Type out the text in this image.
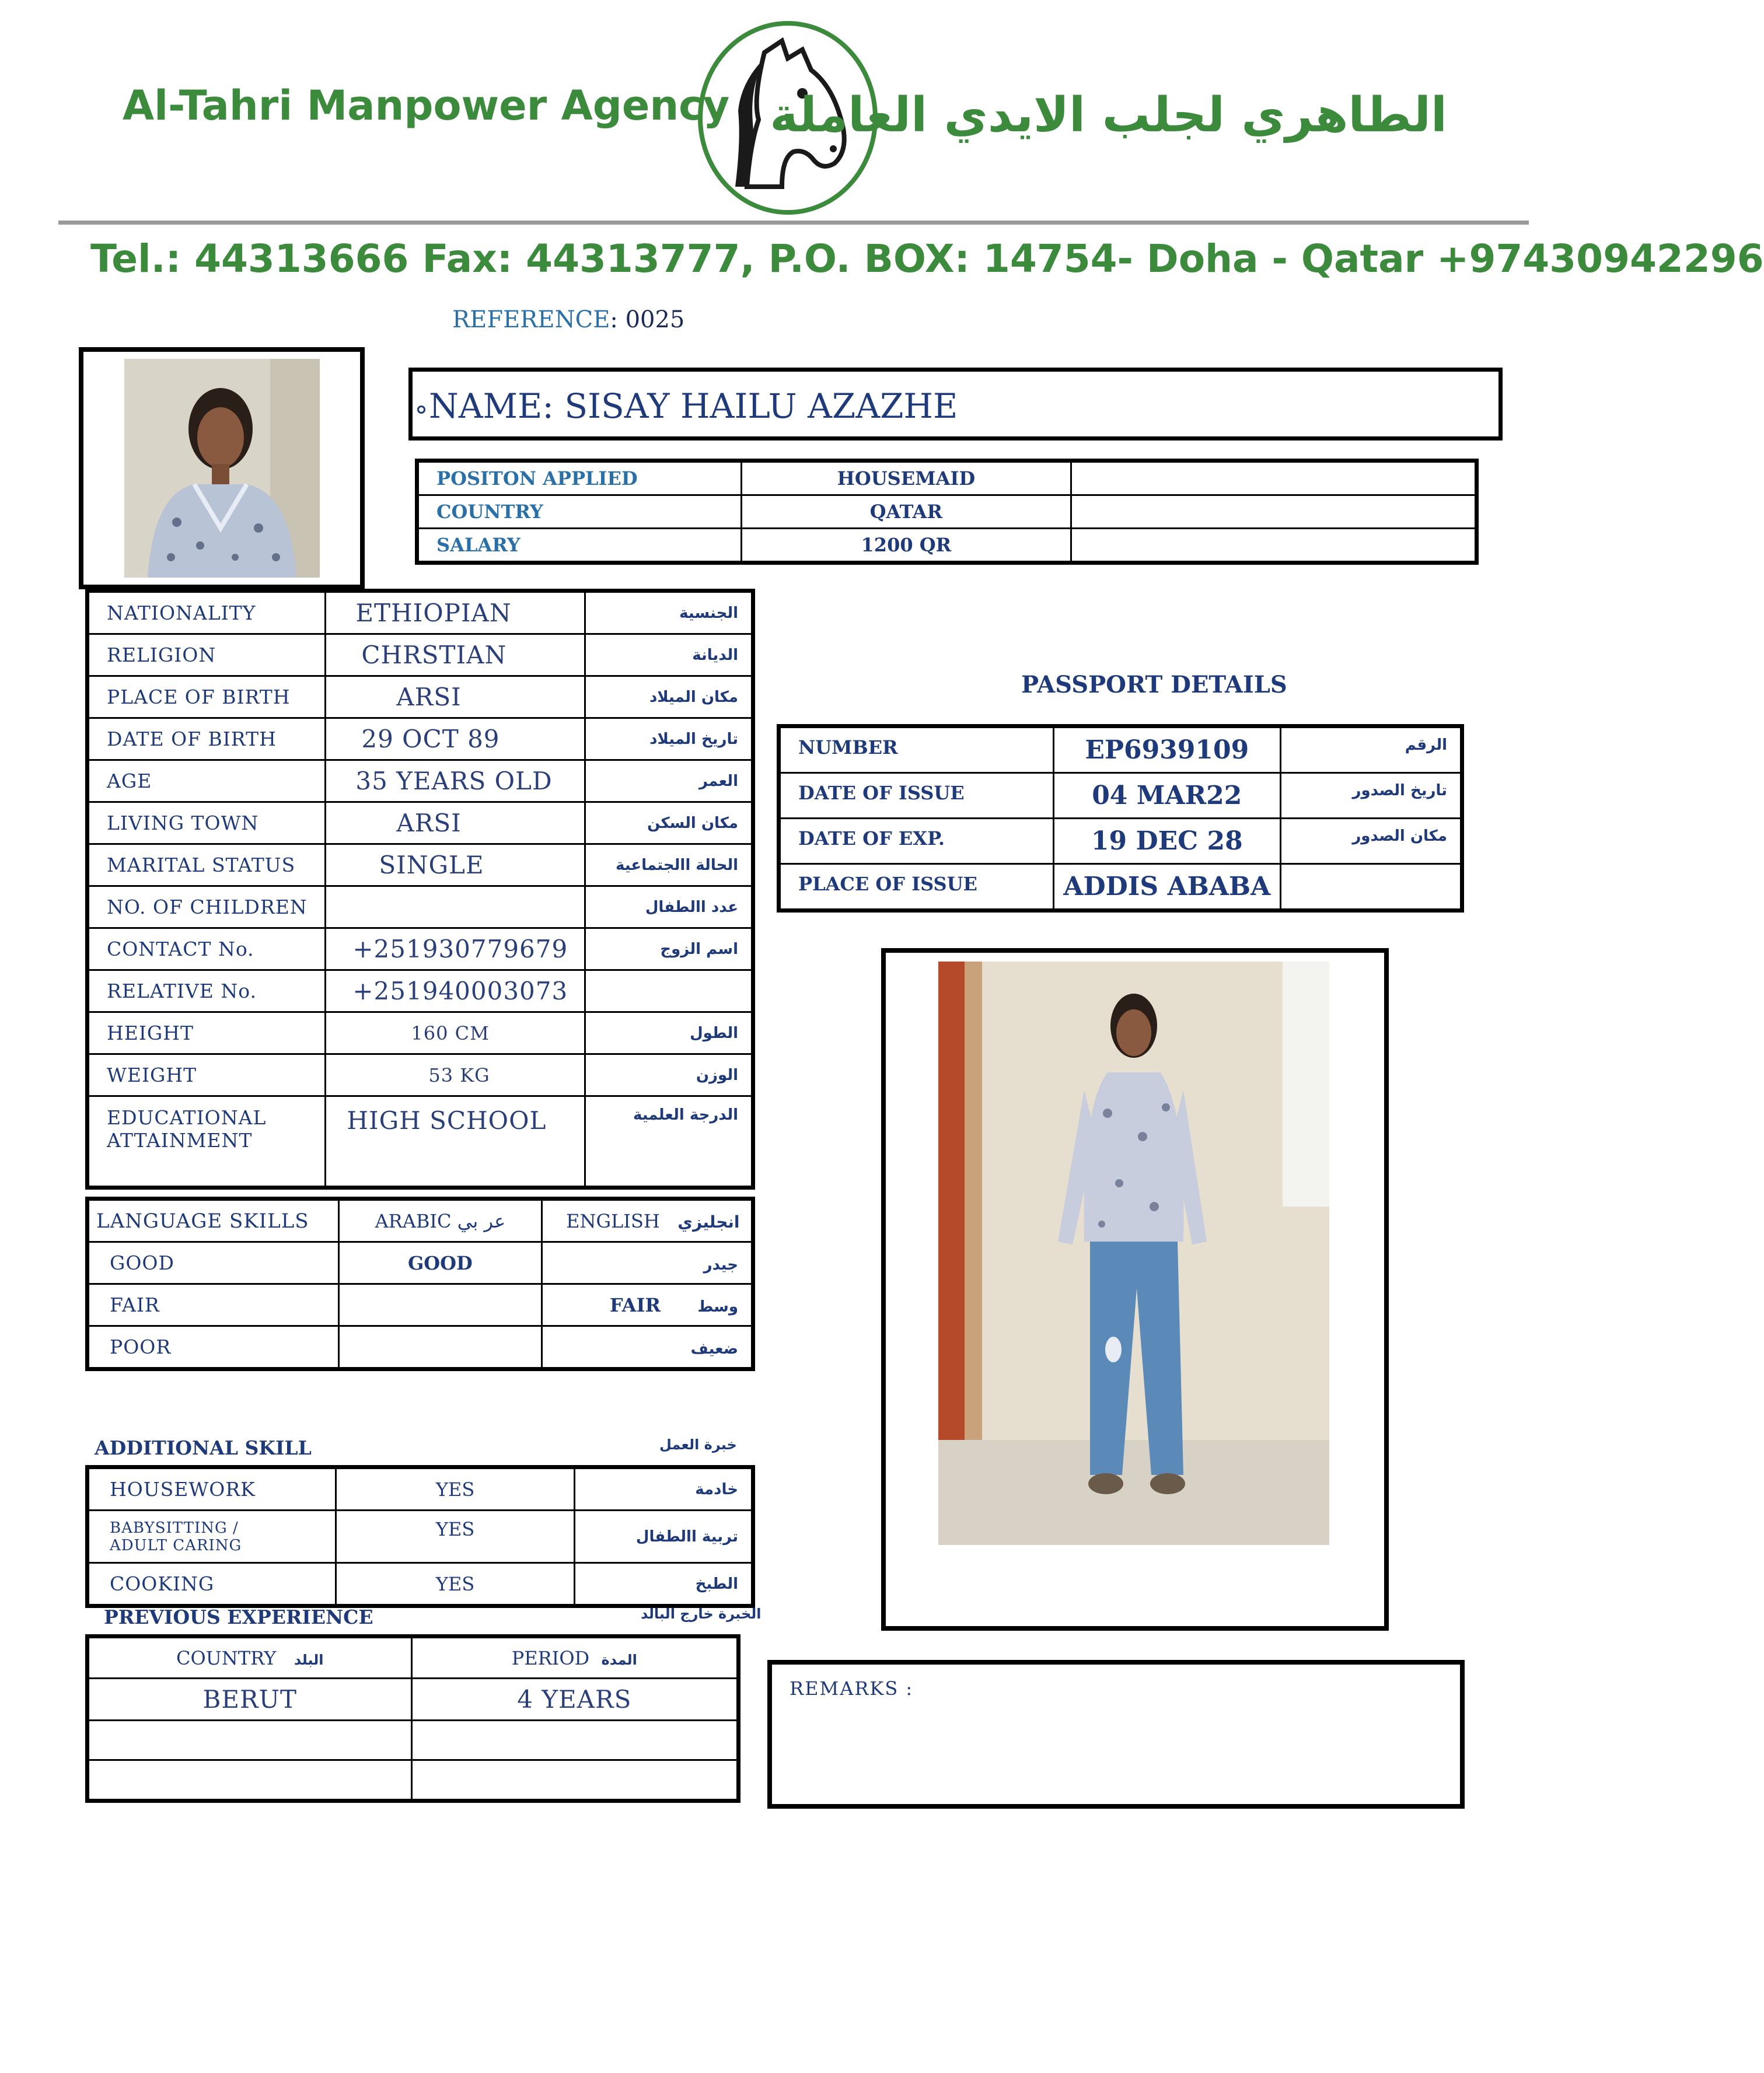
Al-Tahri Manpower Agency الطاهري لجلب الايدي العاملة
Tel.: 44313666 Fax: 44313777, P.O. BOX: 14754- Doha - Qatar +97430942296
REFERENCE: 0025
NAME: SISAY HAILU AZAZHE
POSITON APPLIED	HOUSEMAID	
COUNTRY	QATAR	
SALARY	1200 QR	
NATIONALITY	ETHIOPIAN	الجنسية
RELIGION	CHRSTIAN	الديانة
PLACE OF BIRTH	ARSI	مكان الميلاد
DATE OF BIRTH	29 OCT 89	تاريخ الميلاد
AGE	35 YEARS OLD	العمر
LIVING TOWN	ARSI	مكان السكن
MARITAL STATUS	SINGLE	الحالة االجتماعية
NO. OF CHILDREN		عدد االطفال
CONTACT No.	+251930779679	اسم الزوج
RELATIVE No.	+251940003073	
HEIGHT	160 CM	الطول
WEIGHT	53 KG	الوزن
EDUCATIONAL ATTAINMENT	HIGH SCHOOL	الدرجة العلمية
PASSPORT DETAILS
NUMBER	EP6939109	الرقم
DATE OF ISSUE	04 MAR22	تاريخ الصدور
DATE OF EXP.	19 DEC 28	مكان الصدور
PLACE OF ISSUE	ADDIS ABABA	
LANGUAGE SKILLS	ARABIC عر بي	ENGLISH انجليزي
GOOD	GOOD	جيدر
FAIR		وسط       FAIR
POOR		ضعيف
ADDITIONAL SKILL	خبرة العمل
HOUSEWORK	YES	خادمة
BABYSITTING / ADULT CARING	YES	تربية االطفال
COOKING	YES	الطبخ
PREVIOUS EXPERIENCE	الخبرة خارج البالد
COUNTRY البلد	PERIOD المدة
BERUT	4 YEARS

		REMARKS :
